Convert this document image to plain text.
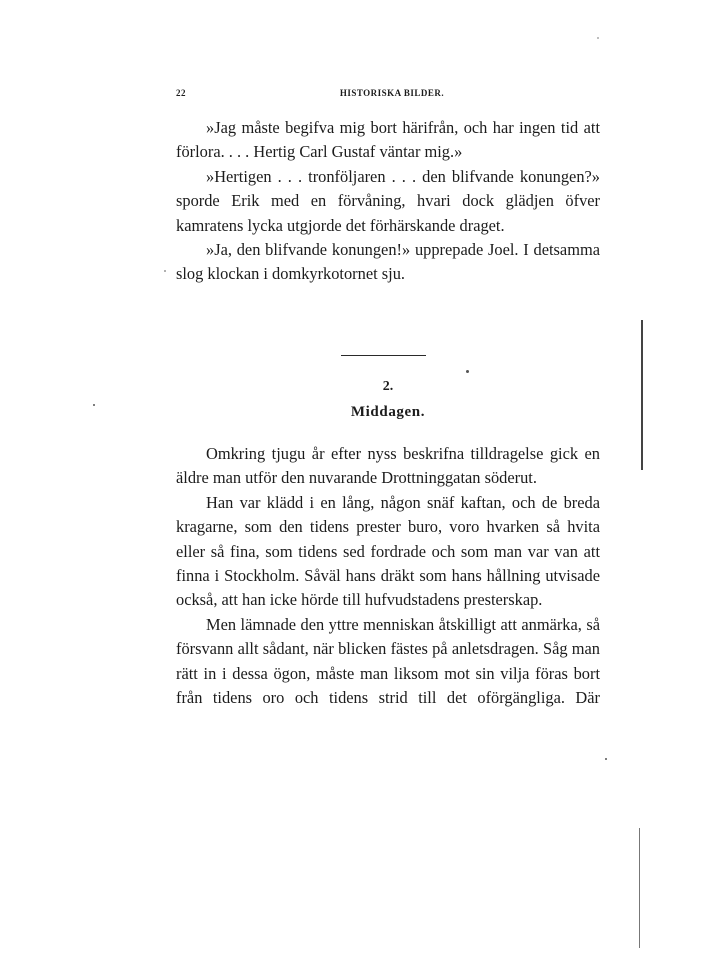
22	HISTORISKA BILDER.

»Jag måste begifva mig bort härifrån, och har ingen tid att förlora. . . . Hertig Carl Gustaf väntar mig.»

»Hertigen . . . tronföljaren . . . den blifvande konungen?» sporde Erik med en förvåning, hvari dock glädjen öfver kamratens lycka utgjorde det förhärskande draget.

»Ja, den blifvande konungen!» upprepade Joel. I detsamma slog klockan i domkyrkotornet sju.

2.
Middagen.

Omkring tjugu år efter nyss beskrifna tilldragelse gick en äldre man utför den nuvarande Drottninggatan söderut.

Han var klädd i en lång, någon snäf kaftan, och de breda kragarne, som den tidens prester buro, voro hvarken så hvita eller så fina, som tidens sed fordrade och som man var van att finna i Stockholm. Såväl hans dräkt som hans hållning utvisade också, att han icke hörde till hufvudstadens presterskap.

Men lämnade den yttre menniskan åtskilligt att anmärka, så försvann allt sådant, när blicken fästes på anletsdragen. Såg man rätt in i dessa ögon, måste man liksom mot sin vilja föras bort från tidens oro och tidens strid till det oförgängliga. Där
